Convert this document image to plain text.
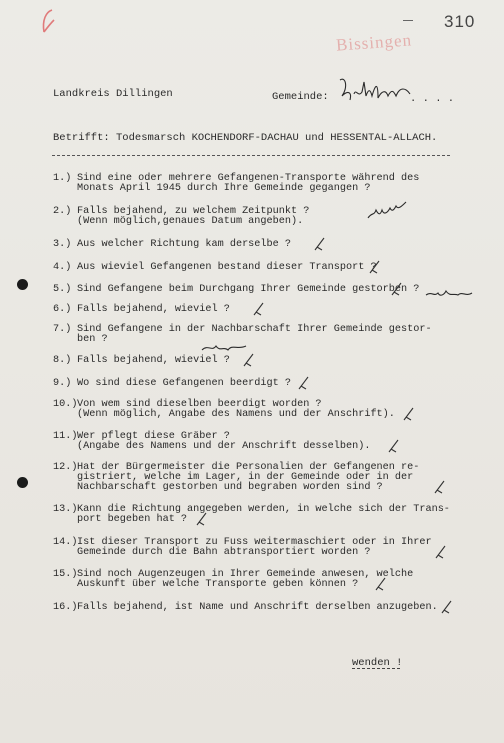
310
Bissingen
Landkreis Dillingen	Gemeinde:	. . . .
Betrifft: Todesmarsch KOCHENDORF-DACHAU und HESSENTAL-ALLACH.
1.) Sind eine oder mehrere Gefangenen-Transporte während des
Monats April 1945 durch Ihre Gemeinde gegangen ?
2.) Falls bejahend, zu welchem Zeitpunkt ?
(Wenn möglich,genaues Datum angeben).
3.) Aus welcher Richtung kam derselbe ?
4.) Aus wieviel Gefangenen bestand dieser Transport ?
5.) Sind Gefangene beim Durchgang Ihrer Gemeinde gestorben ?
6.) Falls bejahend, wieviel ?
7.) Sind Gefangene in der Nachbarschaft Ihrer Gemeinde gestor-
ben ?
8.) Falls bejahend, wieviel ?
9.) Wo sind diese Gefangenen beerdigt ?
10.) Von wem sind dieselben beerdigt worden ?
(Wenn möglich, Angabe des Namens und der Anschrift).
11.) Wer pflegt diese Gräber ?
(Angabe des Namens und der Anschrift desselben).
12.) Hat der Bürgermeister die Personalien der Gefangenen re-
gistriert, welche im Lager, in der Gemeinde oder in der
Nachbarschaft gestorben und begraben worden sind ?
13.) Kann die Richtung angegeben werden, in welche sich der Trans-
port begeben hat ?
14.) Ist dieser Transport zu Fuss weitermaschiert oder in Ihrer
Gemeinde durch die Bahn abtransportiert worden ?
15.) Sind noch Augenzeugen in Ihrer Gemeinde anwesen, welche
Auskunft über welche Transporte geben können ?
16.) Falls bejahend, ist Name und Anschrift derselben anzugeben.
wenden !
